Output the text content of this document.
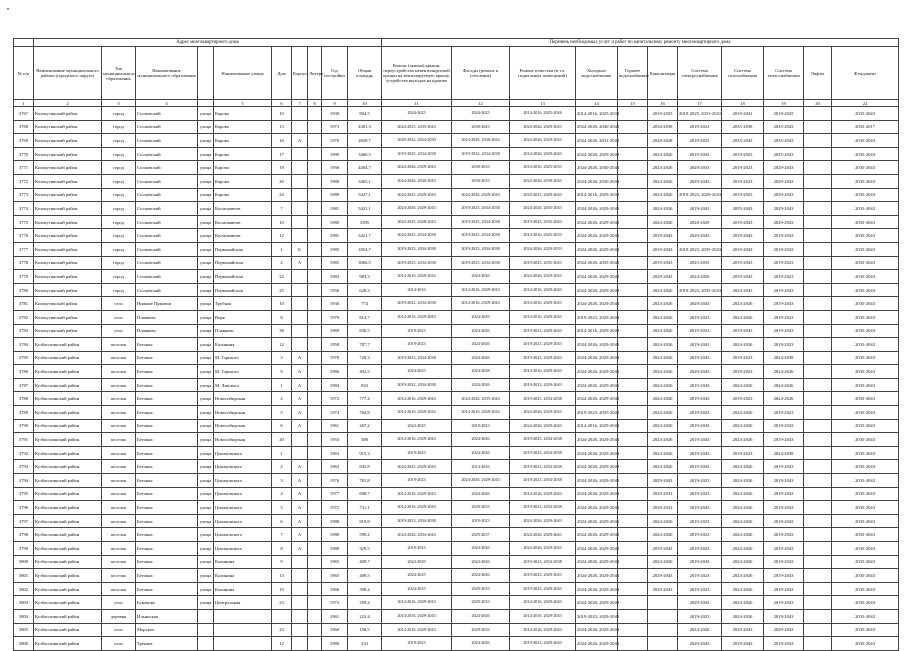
	Адрес многоквартирного дома										Перечень необходимых услуг и работ по капитальному ремонту многоквартирного дома										
№ п/п	Наименование муниципального района (городского округа)	Тип муниципального образования	Наименование муниципального образования		Наименование улицы	Дом	Корпус	Литера	Год постройки	Общая площадь	Ремонт (замена) крыши, переустройство невентилируемой крыши на вентилируемую крышу, устройство выходов на кровлю	Фасады (ремонт и утепление)	Ремонт отмостки (в т.ч. подвальных помещений)	Холодное водоснабжение	Горячее водоснабжение	Канализация	Система электроснабжения	Система газоснабжения	Система теплоснабжения	Лифты	Фундамент
1	2	3	4		5	6	7	8	9	10	11	12	13	14	15	16	17	18	19	20	22
3767	Кольчугинский район	город	Сосновский	улица	Карова	10			1938	804,5	2024-2025	2024-2025	2014-2016, 2025-2026	2014-2016, 2025-2033		2019-2025	2019-2025, 2031-2041	2019-2041	2019-2025		2035-2043
3768	Кольчугинский район	город	Сосновский	улица	Карова	13			1973	4381,3	2024-2025, 2035-2043	2030-2043	2024-2026, 2029-2043	2024-2026, 2040-2043		2034-2038	2019-2023	2035-2038	2035-2043		2035-2017
3769	Кольчугинский район	город	Сосновский	улица	Карова	16	А		1970	2830,7	2020-2022, 2024-2030	2024-2028, 2030-2043	2024-2026, 2029-2043	2024-2026, 2031-2043		2028-2028	2019-2025	2035-2043	2035-2043		2035-2043
3770	Кольчугинский район	город	Сосновский	улица	Карова	17			1990	3460,5	2019-2025, 2034-2038	2019-2032, 2034-2038	2014-2026, 2029-2043	2024-2026, 2029-2043		2024-2026	2019-2043	2019-2025	2025-2043		2035-2043
3771	Кольчугинский район	город	Сосновский	улица	Карова	19			1956	4404,7	2024-2026, 2029-2043	2030-2033	2014-2016, 2025-2033	2024-2026, 2030-2043		2024-2026	2029-2033	2019-2023	2029-2043		2035-2043
3772	Кольчугинский район	город	Сосновский	улица	Карова	20			1988	3465,1	2024-2026, 2030-2043	2030-2033	2024-2026, 2030-2043	2024-2026, 2030-2043		2024-2026	2029-2043	2019-2023	2029-2043		2035-2043
3773	Кольчугинский район	город	Сосновский	улица	Карова	24			1988	5427,1	2024-2025, 2029-2043	2024-2026, 2029-2043	2024-2025, 2029-2043	2014-2016, 2029-2033		2024-2026	2019-2023, 2029-2043	2019-2025	2029-2043		2035-2043
3774	Кольчугинский район	город	Сосновский	улица	Космонавтов	7			1981	5421,1	2024-2026, 2029-2043	2019-2025, 2034-2038	2024-2026, 2035-2043	2024-2026, 2029-2043		2024-2026	2019-2043	2035-2043	2029-2043		2035-2043
3775	Кольчугинский район	город	Сосновский	улица	Космонавтов	10			1980	3395	2024-2025, 2028-2043	2019-2025, 2034-2038	2019-2025, 2035-2043	2024-2026, 2029-2043		2024-2026	2028-2029	2019-2043	2029-2043		2035-2043
3776	Кольчугинский район	город	Сосновский	улица	Космонавтов	12			1981	3421,7	2024-2025, 2034-2038	2019-2025, 2034-2038	2014-2016, 2025-2033	2024-2026, 2029-2043		2019-2043	2029-2043	2019-2043	2019-2043		2035-2043
3777	Кольчугинский район	город	Сосновский	улица	Первомайская	1	Б		1985	1854,7	2019-2025, 2034-2038	2019-2025, 2034-2038	2024-2026, 2029-2033	2024-2026, 2029-2043		2019-2043	2019-2023, 2035-2043	2019-2043	2019-2043		2035-2043
3778	Кольчугинский район	город	Сосновский	улица	Первомайская	2	А		1985	3066,5	2019-2025, 2034-2038	2019-2025, 2034-2038	2019-2025, 2035-2043	2024-2026, 2035-2043		2019-2043	2025-2035	2019-2043	2019-2023		2035-2043
3779	Кольчугинский район	город	Сосновский	улица	Первомайская	22			1983	983,3	2014-2016, 2029-2043	2024-2026	2024-2026, 2029-2043	2024-2026, 2029-2043		2029-2043	2024-2026	2019-2043	2019-2023		2035-2043
3780	Кольчугинский район	город	Сосновский	улица	Первомайская	25			1956	628,3	2014-2016	2014-2016, 2029-2043	2014-2016, 2029-2043	2024-2026, 2029-2043		2024-2026	2019-2023, 2035-2043	2024-2043	2019-2043		2035-2043
3781	Кольчугинский район	село	Нижние Прихвои	улица	Трубная	10			1936	774	2019-2022, 2034-2038	2014-2016, 2029-2043	2014-2016, 2029-2043	2024-2026, 2029-2043		2024-2026	2029-2043	2024-2026	2019-2043		2035-2043
3782	Кольчугинский район	село	Плавнево	улица	Ворк	8			1979	814,7	2014-2016, 2029-2043	2024-2029	2014-2016, 2029-2043	2019-2023, 2029-2043		2024-2026	2019-2023	2024-2026	2019-2023		2035-2043
3783	Кольчугинский район	село	Плавнево	улица	Плавнево	38			1969	830,5	2019-2023	2024-2026	2019-2023, 2029-2043	2014-2016, 2029-2043		2024-2026	2019-2023	2019-2043	2019-2043		2035-2043
3784	Кузбасскинский район	поселок	Бетонка	улица	Калинина	12			1958	787,7	2019-2023	2024-2026	2019-2023, 2029-2043	2024-2026, 2029-2043		2024-2026	2019-2043	2024-2026	2019-2023		2035-2043
3785	Кузбасскинский район	поселок	Бетонка	улица	М. Горького	3	А		1978	728,3	2019-2023, 2034-2038	2024-2026	2019-2023, 2029-2043	2024-2026, 2029-2043		2024-2026	2019-2043	2019-2023	2024-2038		2035-2043
3786	Кузбасскинский район	поселок	Бетонка	улица	М. Горького	9	А		1986	492,5	2024-2025	2024-2028	2014-2016, 2029-2043	2024-2026, 2029-2043		2024-2026	2029-2043	2019-2023	2024-2026		2035-2043
3787	Кузбасскинский район	поселок	Бетонка	улица	М. Лавского	1	А		1984	843	2019-2022, 2034-2038	2024-2026	2019-2023, 2029-2043	2024-2026, 2029-2043		2024-2026	2019-2043	2024-2026	2024-2026		2035-2043
3788	Кузбасскинский район	поселок	Бетонка	улица	Новосибирская	2	А		1972	777,4	2014-2016, 2029-2043	2024-2026, 2035-2043	2019-2025, 2034-2038	2024-2026, 2029-2043		2024-2026	2019-2043	2019-2023	2024-2026		2035-2043
3789	Кузбасскинский район	поселок	Бетонка	улица	Новосибирская	5	А		1974	764,8	2014-2016, 2029-2043	2014-2016, 2029-2043	2024-2026, 2029-2043	2019-2023, 2035-2043		2024-2026	2019-2023	2024-2026	2019-2023		2035-2043
3790	Кузбасскинский район	поселок	Бетонка	улица	Новосибирская	6	А		1961	267,2	2024-2025	2019-2023	2024-2026, 2029-2043	2014-2016, 2029-2043		2024-2026	2019-2043	2024-2026	2019-2043		2035-2043
3791	Кузбасскинский район	поселок	Бетонка	улица	Новосибирская	20			1953	388	2014-2016, 2029-2043	2024-2026	2019-2025, 2034-2038	2024-2026, 2029-2043		2024-2026	2019-2043	2024-2026	2019-2043		2035-2043
3792	Кузбасскинский район	поселок	Бетонка	улица	Циолковского	1			1963	915,3	2019-2023	2024-2026	2019-2023, 2034-2038	2024-2026, 2029-2043		2024-2026	2019-2043	2019-2023	2024-2038		2035-2043
3793	Кузбасскинский район	поселок	Бетонка	улица	Циолковского	2	А		1963	845,8	2024-2025, 2029-2043	2014-2016	2019-2023, 2034-2038	2024-2026, 2029-2043		2024-2026	2019-2043	2024-2026	2019-2043		2035-2043
3794	Кузбасскинский район	поселок	Бетонка	улица	Циолковского	3	А		1976	781,8	2019-2023	2024-2026, 2029-2043	2019-2023, 2034-2038	2024-2026, 2029-2043		2029-2043	2019-2023	2024-2026	2019-2043		2035-2043
3795	Кузбасскинский район	поселок	Бетонка	улица	Циолковского	4	А		1977	698,7	2014-2016, 2029-2043	2024-2026	2014-2016, 2029-2043	2024-2026, 2029-2043		2029-2033	2019-2023	2024-2026	2019-2043		2035-2043
3796	Кузбасскинский район	поселок	Бетонка	улица	Циолковского	5	А		1972	731,1	2014-2016, 2029-2043	2029-2033	2019-2023, 2034-2038	2024-2026, 2029-2043		2029-2033	2019-2043	2024-2026	2019-2043		2035-2043
3797	Кузбасскинский район	поселок	Бетонка	улица	Циолковского	6	А		1988	810,8	2019-2023, 2034-2038	2019-2023	2024-2026, 2029-2043	2024-2026, 2029-2043		2024-2026	2019-2023	2024-2026	2019-2043		2035-2043
3798	Кузбасскинский район	поселок	Бетонка	улица	Циолковского	7	А		1988	590,2	2024-2026, 2034-2043	2029-2037	2024-2026, 2029-2043	2024-2026, 2029-2043		2024-2026	2019-2023	2024-2026	2019-2043		2035-2043
3799	Кузбасскинский район	поселок	Бетонка	улица	Циолковского	8	А		1988	329,5	2019-2023	2024-2026	2024-2026, 2029-2043	2024-2026, 2029-2043		2019-2043	2019-2023	2024-2026	2019-2043		2035-2043
3800	Кузбасскинский район	поселок	Бетонка	улица	Калинина	9			1965	409,7	2024-2029	2024-2026	2019-2023, 2034-2038	2024-2026, 2029-2043		2024-2026	2019-2043	2024-2026	2019-2043		2035-2043
3801	Кузбасскинский район	поселок	Бетонка	улица	Калинина	13			1965	408,5	2024-2025	2024-2026	2019-2023, 2029-2043	2024-2026, 2029-2043		2029-2043	2019-2023	2024-2026	2019-2043		2035-2043
3802	Кузбасскинский район	поселок	Бетонка	улица	Калинина	19			1966	398,4	2024-2025	2029-2033	2019-2023, 2029-2043	2024-2026, 2029-2043		2029-2043	2019-2023	2024-2026	2019-2043		2035-2043
3803	Кузбасскинский район	село	Бунаково	улица	Центральная	23			1973	359,4	2014-2016, 2029-2043	2029-2033	2014-2016, 2029-2043	2024-2026, 2029-2043			2029-2043	2024-2026	2019-2043		2035-2043
3804	Кузбасскинский район	деревня	Ильинская						1961	223,4	2014-2016, 2029-2043	2024-2026	2014-2016, 2029-2043	2019-2023, 2029-2043			2019-2023	2024-2026	2019-2043		2035-2043
3805	Кузбасскинский район	село	Морское			23			1960	156,5	2014-2016, 2029-2043	2029-2033	2014-2016, 2029-2043	2024-2026, 2029-2043			2024-2026	2029-2043	2029-2043		2035-2043
3806	Кузбасскинский район	село	Трекаев			12			1980	233	2019-2023	2024-2026	2019-2023, 2029-2043	2024-2026, 2029-2043			2029-2043	2019-2043	2019-2043		2035-2043
